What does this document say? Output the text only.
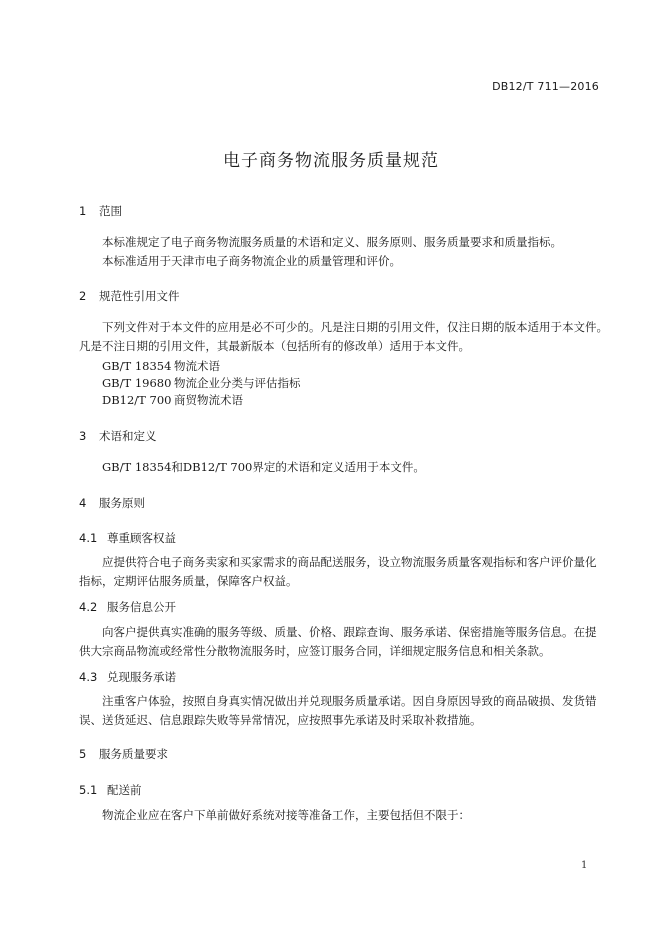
DB12/T 711—2016
电子商务物流服务质量规范
1 范围
本标准规定了电子商务物流服务质量的术语和定义、服务原则、服务质量要求和质量指标。
本标准适用于天津市电子商务物流企业的质量管理和评价。
2 规范性引用文件
下列文件对于本文件的应用是必不可少的。凡是注日期的引用文件，仅注日期的版本适用于本文件。
凡是不注日期的引用文件，其最新版本（包括所有的修改单）适用于本文件。
GB/T 18354 物流术语
GB/T 19680 物流企业分类与评估指标
DB12/T 700 商贸物流术语
3 术语和定义
GB/T 18354和DB12/T 700界定的术语和定义适用于本文件。
4 服务原则
4.1 尊重顾客权益
应提供符合电子商务卖家和买家需求的商品配送服务，设立物流服务质量客观指标和客户评价量化
指标，定期评估服务质量，保障客户权益。
4.2 服务信息公开
向客户提供真实准确的服务等级、质量、价格、跟踪查询、服务承诺、保密措施等服务信息。在提
供大宗商品物流或经常性分散物流服务时，应签订服务合同，详细规定服务信息和相关条款。
4.3 兑现服务承诺
注重客户体验，按照自身真实情况做出并兑现服务质量承诺。因自身原因导致的商品破损、发货错
误、送货延迟、信息跟踪失败等异常情况，应按照事先承诺及时采取补救措施。
5 服务质量要求
5.1 配送前
物流企业应在客户下单前做好系统对接等准备工作，主要包括但不限于：
1
